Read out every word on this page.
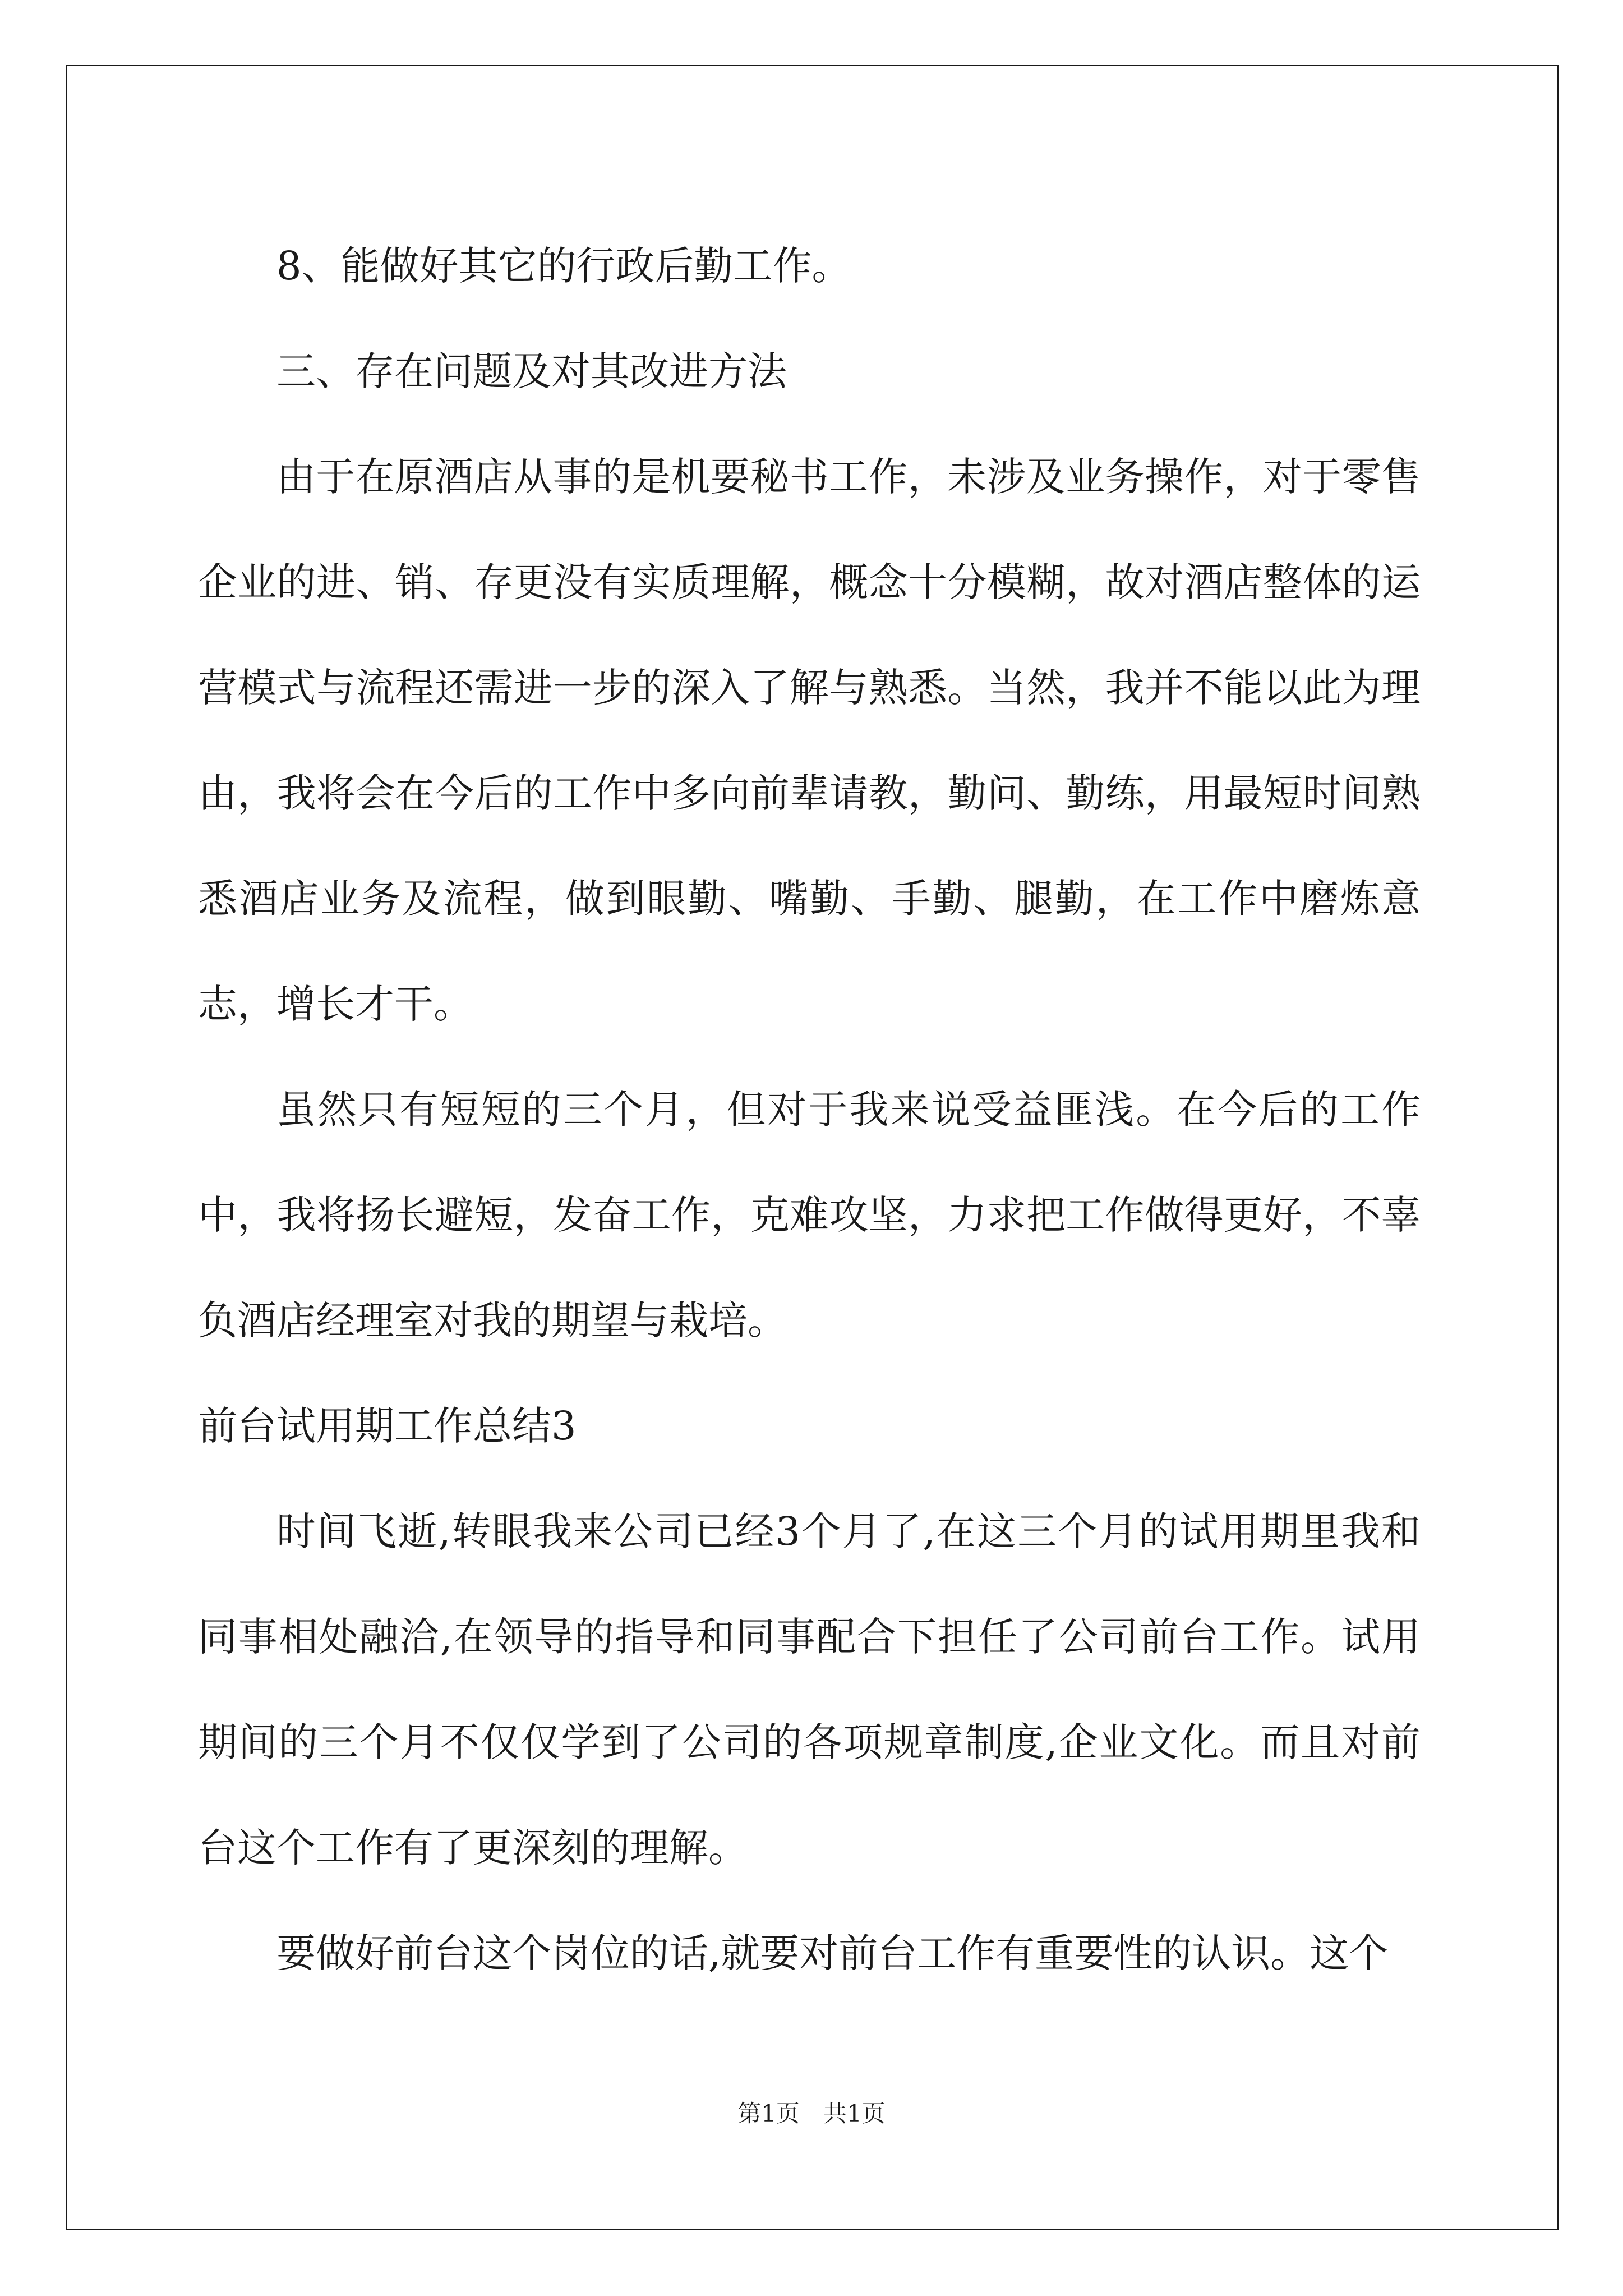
8、能做好其它的行政后勤工作。

三、存在问题及对其改进方法

由于在原酒店从事的是机要秘书工作，未涉及业务操作，对于零售企业的进、销、存更没有实质理解，概念十分模糊，故对酒店整体的运营模式与流程还需进一步的深入了解与熟悉。当然，我并不能以此为理由，我将会在今后的工作中多向前辈请教，勤问、勤练，用最短时间熟悉酒店业务及流程，做到眼勤、嘴勤、手勤、腿勤，在工作中磨炼意志，增长才干。

虽然只有短短的三个月，但对于我来说受益匪浅。在今后的工作中，我将扬长避短，发奋工作，克难攻坚，力求把工作做得更好，不辜负酒店经理室对我的期望与栽培。

前台试用期工作总结3

时间飞逝,转眼我来公司已经3个月了,在这三个月的试用期里我和同事相处融洽,在领导的指导和同事配合下担任了公司前台工作。试用期间的三个月不仅仅学到了公司的各项规章制度,企业文化。而且对前台这个工作有了更深刻的理解。

要做好前台这个岗位的话,就要对前台工作有重要性的认识。这个

第1页　共1页
